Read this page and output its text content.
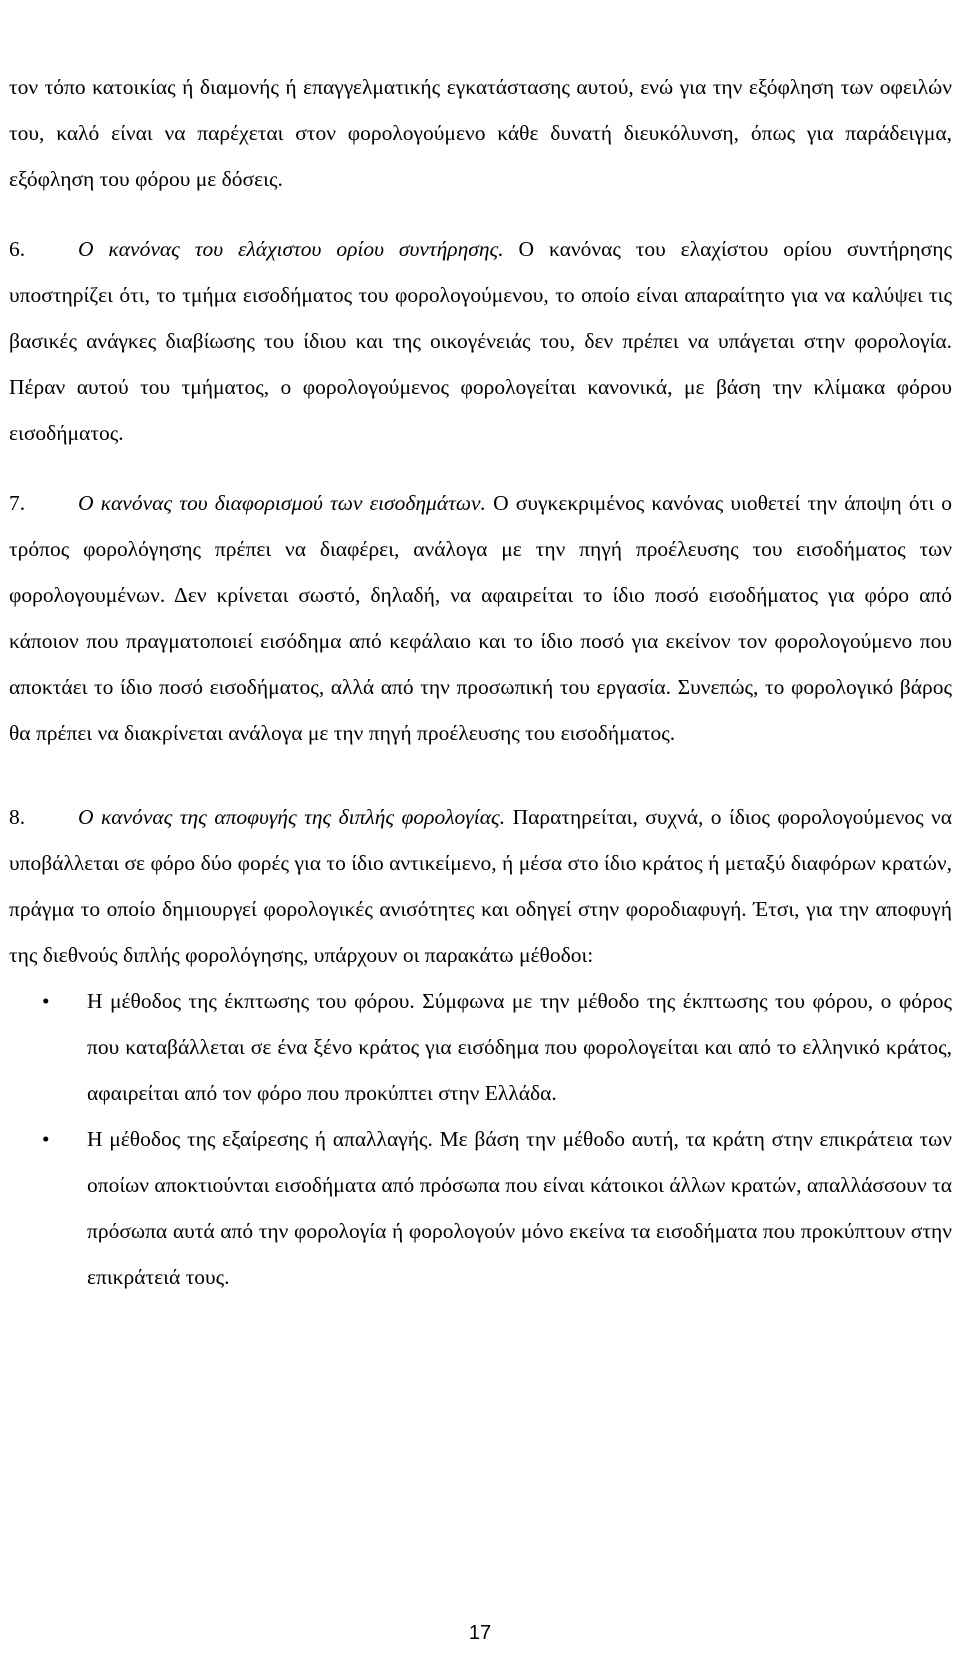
τον τόπο κατοικίας ή διαμονής ή επαγγελματικής εγκατάστασης αυτού, ενώ για την εξόφληση των οφειλών του, καλό είναι να παρέχεται στον φορολογούμενο κάθε δυνατή διευκόλυνση, όπως για παράδειγμα, εξόφληση του φόρου με δόσεις.

6. Ο κανόνας του ελάχιστου ορίου συντήρησης. Ο κανόνας του ελαχίστου ορίου συντήρησης υποστηρίζει ότι, το τμήμα εισοδήματος του φορολογούμενου, το οποίο είναι απαραίτητο για να καλύψει τις βασικές ανάγκες διαβίωσης του ίδιου και της οικογένειάς του, δεν πρέπει να υπάγεται στην φορολογία. Πέραν αυτού του τμήματος, ο φορολογούμενος φορολογείται κανονικά, με βάση την κλίμακα φόρου εισοδήματος.

7. Ο κανόνας του διαφορισμού των εισοδημάτων. Ο συγκεκριμένος κανόνας υιοθετεί την άποψη ότι ο τρόπος φορολόγησης πρέπει να διαφέρει, ανάλογα με την πηγή προέλευσης του εισοδήματος των φορολογουμένων. Δεν κρίνεται σωστό, δηλαδή, να αφαιρείται το ίδιο ποσό εισοδήματος για φόρο από κάποιον που πραγματοποιεί εισόδημα από κεφάλαιο και το ίδιο ποσό για εκείνον τον φορολογούμενο που αποκτάει το ίδιο ποσό εισοδήματος, αλλά από την προσωπική του εργασία. Συνεπώς, το φορολογικό βάρος θα πρέπει να διακρίνεται ανάλογα με την πηγή προέλευσης του εισοδήματος.

8. Ο κανόνας της αποφυγής της διπλής φορολογίας. Παρατηρείται, συχνά, ο ίδιος φορολογούμενος να υποβάλλεται σε φόρο δύο φορές για το ίδιο αντικείμενο, ή μέσα στο ίδιο κράτος ή μεταξύ διαφόρων κρατών, πράγμα το οποίο δημιουργεί φορολογικές ανισότητες και οδηγεί στην φοροδιαφυγή. Έτσι, για την αποφυγή της διεθνούς διπλής φορολόγησης, υπάρχουν οι παρακάτω μέθοδοι:

• Η μέθοδος της έκπτωσης του φόρου. Σύμφωνα με την μέθοδο της έκπτωσης του φόρου, ο φόρος που καταβάλλεται σε ένα ξένο κράτος για εισόδημα που φορολογείται και από το ελληνικό κράτος, αφαιρείται από τον φόρο που προκύπτει στην Ελλάδα.

• Η μέθοδος της εξαίρεσης ή απαλλαγής. Με βάση την μέθοδο αυτή, τα κράτη στην επικράτεια των οποίων αποκτιούνται εισοδήματα από πρόσωπα που είναι κάτοικοι άλλων κρατών, απαλλάσσουν τα πρόσωπα αυτά από την φορολογία ή φορολογούν μόνο εκείνα τα εισοδήματα που προκύπτουν στην επικράτειά τους.

17
